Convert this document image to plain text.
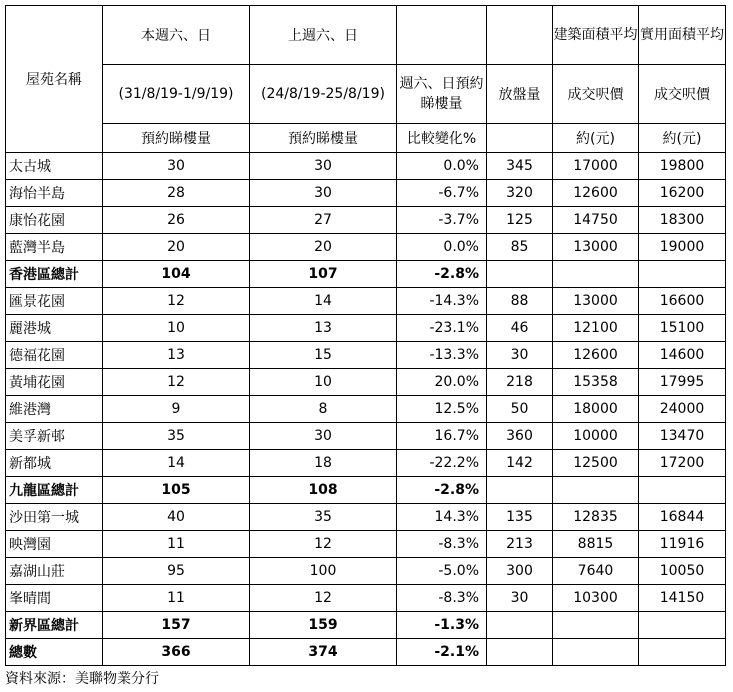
屋苑名稱	本週六、日	上週六、日			建築面積平均	實用面積平均
	(31/8/19-1/9/19)	(24/8/19-25/8/19)	週六、日預約睇樓量	放盤量	成交呎價	成交呎價
	預約睇樓量	預約睇樓量	比較變化%		約(元)	約(元)
太古城	30	30	0.0%	345	17000	19800
海怡半島	28	30	-6.7%	320	12600	16200
康怡花園	26	27	-3.7%	125	14750	18300
藍灣半島	20	20	0.0%	85	13000	19000
香港區總計	104	107	-2.8%			
匯景花園	12	14	-14.3%	88	13000	16600
麗港城	10	13	-23.1%	46	12100	15100
德福花園	13	15	-13.3%	30	12600	14600
黃埔花園	12	10	20.0%	218	15358	17995
維港灣	9	8	12.5%	50	18000	24000
美孚新邨	35	30	16.7%	360	10000	13470
新都城	14	18	-22.2%	142	12500	17200
九龍區總計	105	108	-2.8%			
沙田第一城	40	35	14.3%	135	12835	16844
映灣園	11	12	-8.3%	213	8815	11916
嘉湖山莊	95	100	-5.0%	300	7640	10050
峯晴間	11	12	-8.3%	30	10300	14150
新界區總計	157	159	-1.3%			
總數	366	374	-2.1%			
資料來源：美聯物業分行
